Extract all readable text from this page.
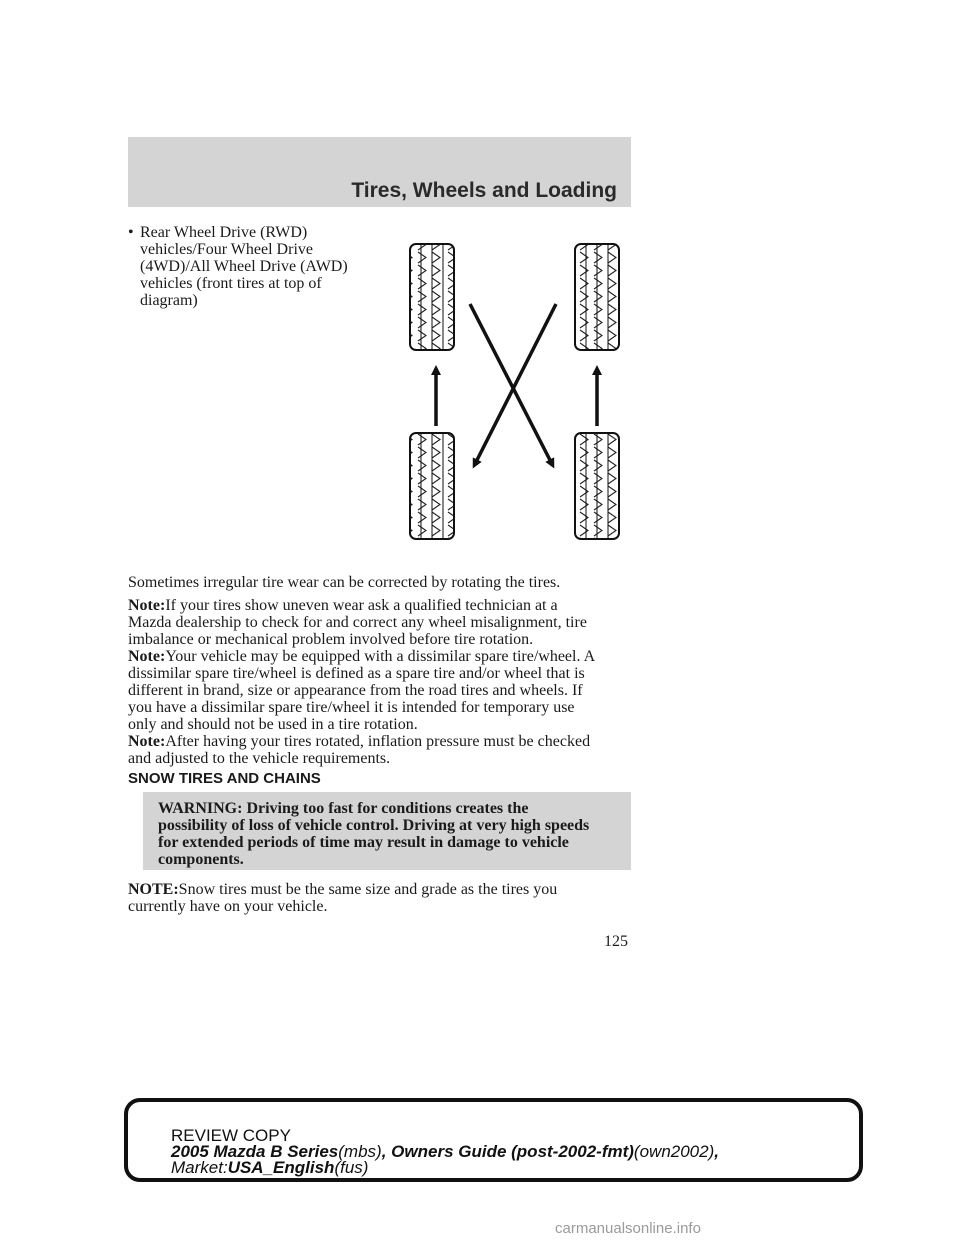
Tires, Wheels and Loading
• Rear Wheel Drive (RWD)
vehicles/Four Wheel Drive
(4WD)/All Wheel Drive (AWD)
vehicles (front tires at top of
diagram)

Sometimes irregular tire wear can be corrected by rotating the tires.

Note:If your tires show uneven wear ask a qualified technician at a
Mazda dealership to check for and correct any wheel misalignment, tire
imbalance or mechanical problem involved before tire rotation.
Note:Your vehicle may be equipped with a dissimilar spare tire/wheel. A
dissimilar spare tire/wheel is defined as a spare tire and/or wheel that is
different in brand, size or appearance from the road tires and wheels. If
you have a dissimilar spare tire/wheel it is intended for temporary use
only and should not be used in a tire rotation.
Note:After having your tires rotated, inflation pressure must be checked
and adjusted to the vehicle requirements.
SNOW TIRES AND CHAINS
WARNING: Driving too fast for conditions creates the
possibility of loss of vehicle control. Driving at very high speeds
for extended periods of time may result in damage to vehicle
components.
NOTE:Snow tires must be the same size and grade as the tires you
currently have on your vehicle.
125
REVIEW COPY
2005 Mazda B Series(mbs), Owners Guide (post-2002-fmt)(own2002),
Market:USA_English(fus)
carmanualsonline.info
